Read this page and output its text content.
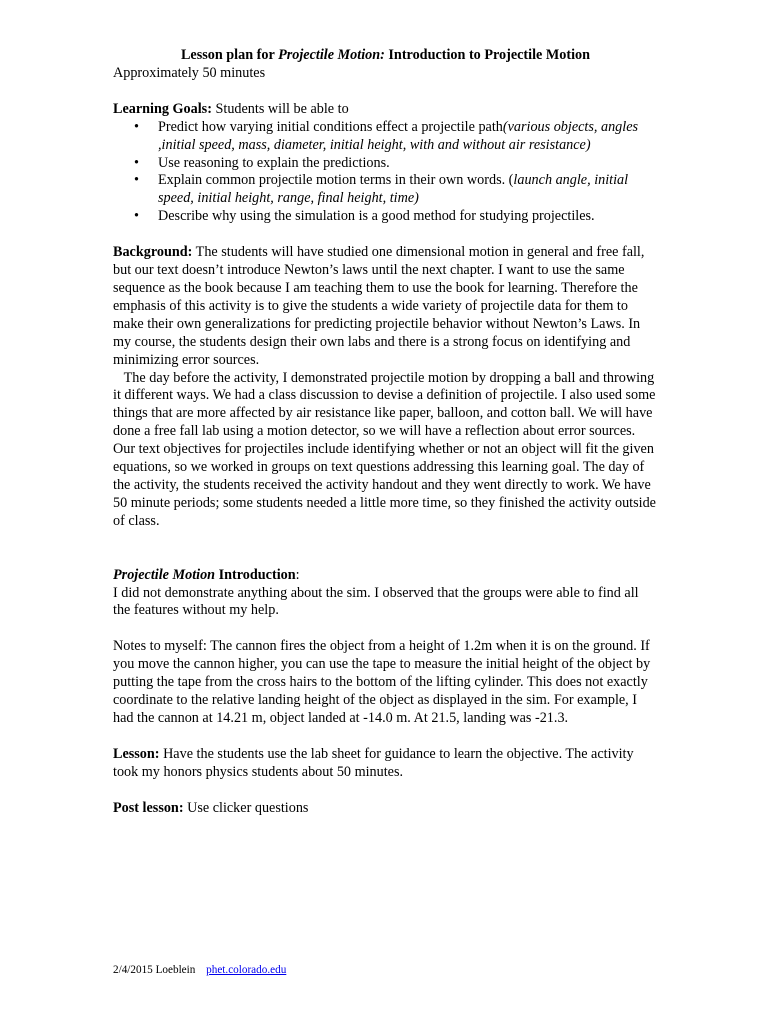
Lesson plan for Projectile Motion: Introduction to Projectile Motion

Approximately 50 minutes

Learning Goals: Students will be able to

• Predict how varying initial conditions effect a projectile path(various objects, angles ,initial speed, mass, diameter, initial height, with and without air resistance)
• Use reasoning to explain the predictions.
• Explain common projectile motion terms in their own words. (launch angle, initial speed, initial height, range, final height, time)
• Describe why using the simulation is a good method for studying projectiles.

Background: The students will have studied one dimensional motion in general and free fall, but our text doesn’t introduce Newton’s laws until the next chapter. I want to use the same sequence as the book because I am teaching them to use the book for learning. Therefore the emphasis of this activity is to give the students a wide variety of projectile data for them to make their own generalizations for predicting projectile behavior without Newton’s Laws. In my course, the students design their own labs and there is a strong focus on identifying and minimizing error sources.

The day before the activity, I demonstrated projectile motion by dropping a ball and throwing it different ways. We had a class discussion to devise a definition of projectile. I also used some things that are more affected by air resistance like paper, balloon, and cotton ball. We will have done a free fall lab using a motion detector, so we will have a reflection about error sources. Our text objectives for projectiles include identifying whether or not an object will fit the given equations, so we worked in groups on text questions addressing this learning goal. The day of the activity, the students received the activity handout and they went directly to work. We have 50 minute periods; some students needed a little more time, so they finished the activity outside of class.

Projectile Motion Introduction:

I did not demonstrate anything about the sim. I observed that the groups were able to find all the features without my help.

Notes to myself: The cannon fires the object from a height of 1.2m when it is on the ground. If you move the cannon higher, you can use the tape to measure the initial height of the object by putting the tape from the cross hairs to the bottom of the lifting cylinder. This does not exactly coordinate to the relative landing height of the object as displayed in the sim. For example, I had the cannon at 14.21 m, object landed at -14.0 m. At 21.5, landing was -21.3.

Lesson: Have the students use the lab sheet for guidance to learn the objective. The activity took my honors physics students about 50 minutes.

Post lesson: Use clicker questions

2/4/2015 Loeblein phet.colorado.edu
